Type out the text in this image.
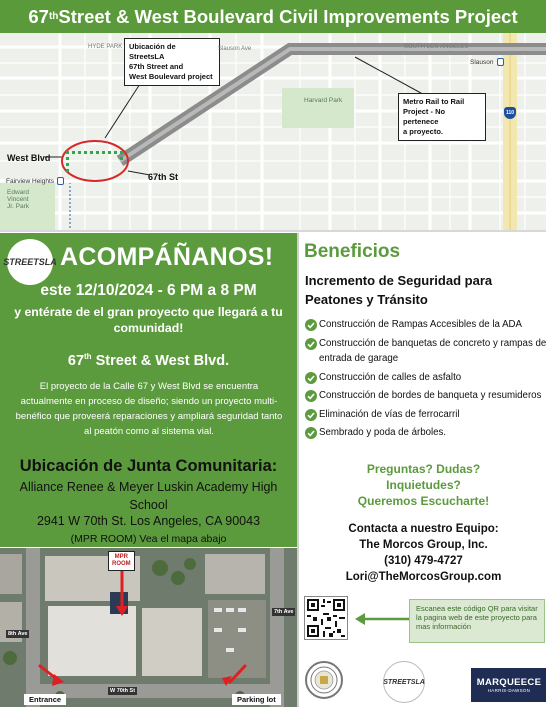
67 th Street & West Boulevard Civil Improvements Project
Ubicación de
StreetsLA
67th Street and
West Boulevard project
Metro Rail to Rail
Project - No pertenece
a proyecto.
West Blvd
67th St
HYDE PARK	Slauson Ave	SOUTH LOS ANGELES
Slauson
Fairview Heights
Harvard Park
Edward
Vincent
Jr. Park
110
STREETSLA ACOMPÁÑANOS!
este 12/10/2024 - 6 PM a 8 PM
y entérate de el gran proyecto que llegará a tu comunidad!
67th Street & West Blvd.
El proyecto de la Calle 67 y West Blvd se encuentra actualmente en proceso de diseño; siendo un proyecto multi-benéfico que proveerá reparaciones y ampliará seguridad tanto al peatón como al sistema vial.
Ubicación de Junta Comunitaria:
Alliance Renee & Meyer Luskin Academy High School
2941 W 70th St. Los Angeles, CA 90043
(MPR ROOM) Vea el mapa abajo
MPR
ROOM
Entrance	Parking lot
8th Ave
7th Ave
W 70th St
Beneficios
Incremento de Seguridad para Peatones y Tránsito
Construcción de Rampas Accesibles de la ADA
Construcción de banquetas de concreto y rampas de entrada de garage
Construcción de calles de asfalto
Construcción de bordes de banqueta y resumideros
Eliminación de vías de ferrocarril
Sembrado y poda de árboles.
Preguntas? Dudas?
Inquietudes?
Queremos Escucharte!
Contacta a nuestro Equipo:
The Morcos Group, Inc.
(310) 479-4727
Lori@TheMorcosGroup.com
Escanea este código QR para visitar la pagina web de este proyecto para mas información
STREETSLA	MARQUEECE
HARRIS-DAWSON
